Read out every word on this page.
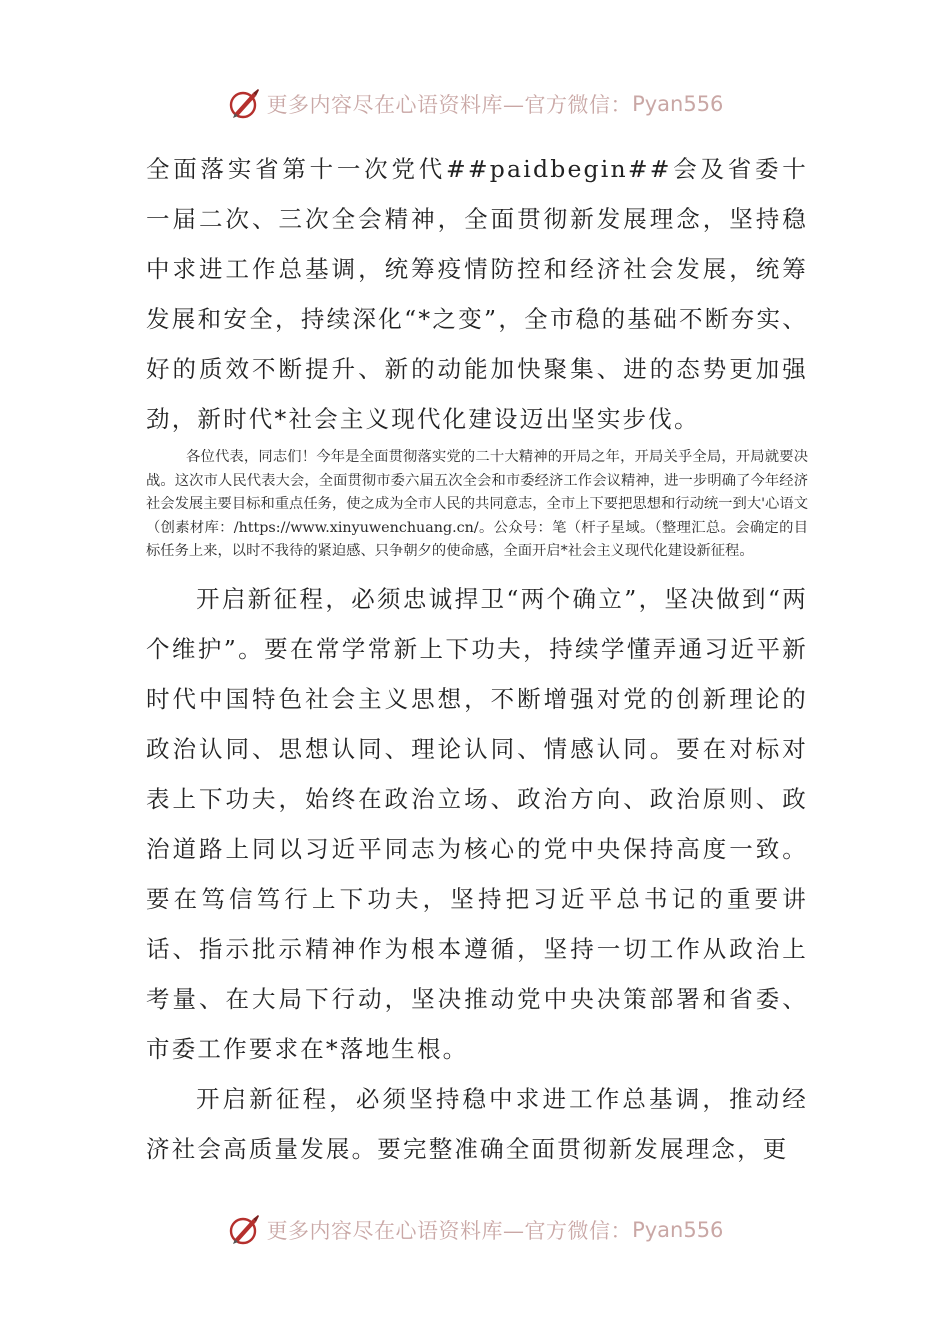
更多内容尽在心语资料库—官方微信： Pyan556

全面落实省第十一次党代##paidbegin##会及省委十一届二次、三次全会精神，全面贯彻新发展理念，坚持稳中求进工作总基调，统筹疫情防控和经济社会发展，统筹发展和安全，持续深化“*之变”，全市稳的基础不断夯实、好的质效不断提升、新的动能加快聚集、进的态势更加强劲，新时代*社会主义现代化建设迈出坚实步伐。

各位代表，同志们！今年是全面贯彻落实党的二十大精神的开局之年，开局关乎全局，开局就要决战。这次市人民代表大会，全面贯彻市委六届五次全会和市委经济工作会议精神，进一步明确了今年经济社会发展主要目标和重点任务，使之成为全市人民的共同意志，全市上下要把思想和行动统一到大'心语文（创素材库：/https://www.xinyuwenchuang.cn/。公众号：笔（杆子星域。（整理汇总。会确定的目标任务上来，以时不我待的紧迫感、只争朝夕的使命感，全面开启*社会主义现代化建设新征程。

开启新征程，必须忠诚捍卫“两个确立”，坚决做到“两个维护”。要在常学常新上下功夫，持续学懂弄通习近平新时代中国特色社会主义思想，不断增强对党的创新理论的政治认同、思想认同、理论认同、情感认同。要在对标对表上下功夫，始终在政治立场、政治方向、政治原则、政治道路上同以习近平同志为核心的党中央保持高度一致。要在笃信笃行上下功夫，坚持把习近平总书记的重要讲话、指示批示精神作为根本遵循，坚持一切工作从政治上考量、在大局下行动，坚决推动党中央决策部署和省委、市委工作要求在*落地生根。

开启新征程，必须坚持稳中求进工作总基调，推动经济社会高质量发展。要完整准确全面贯彻新发展理念，更

更多内容尽在心语资料库—官方微信： Pyan556
